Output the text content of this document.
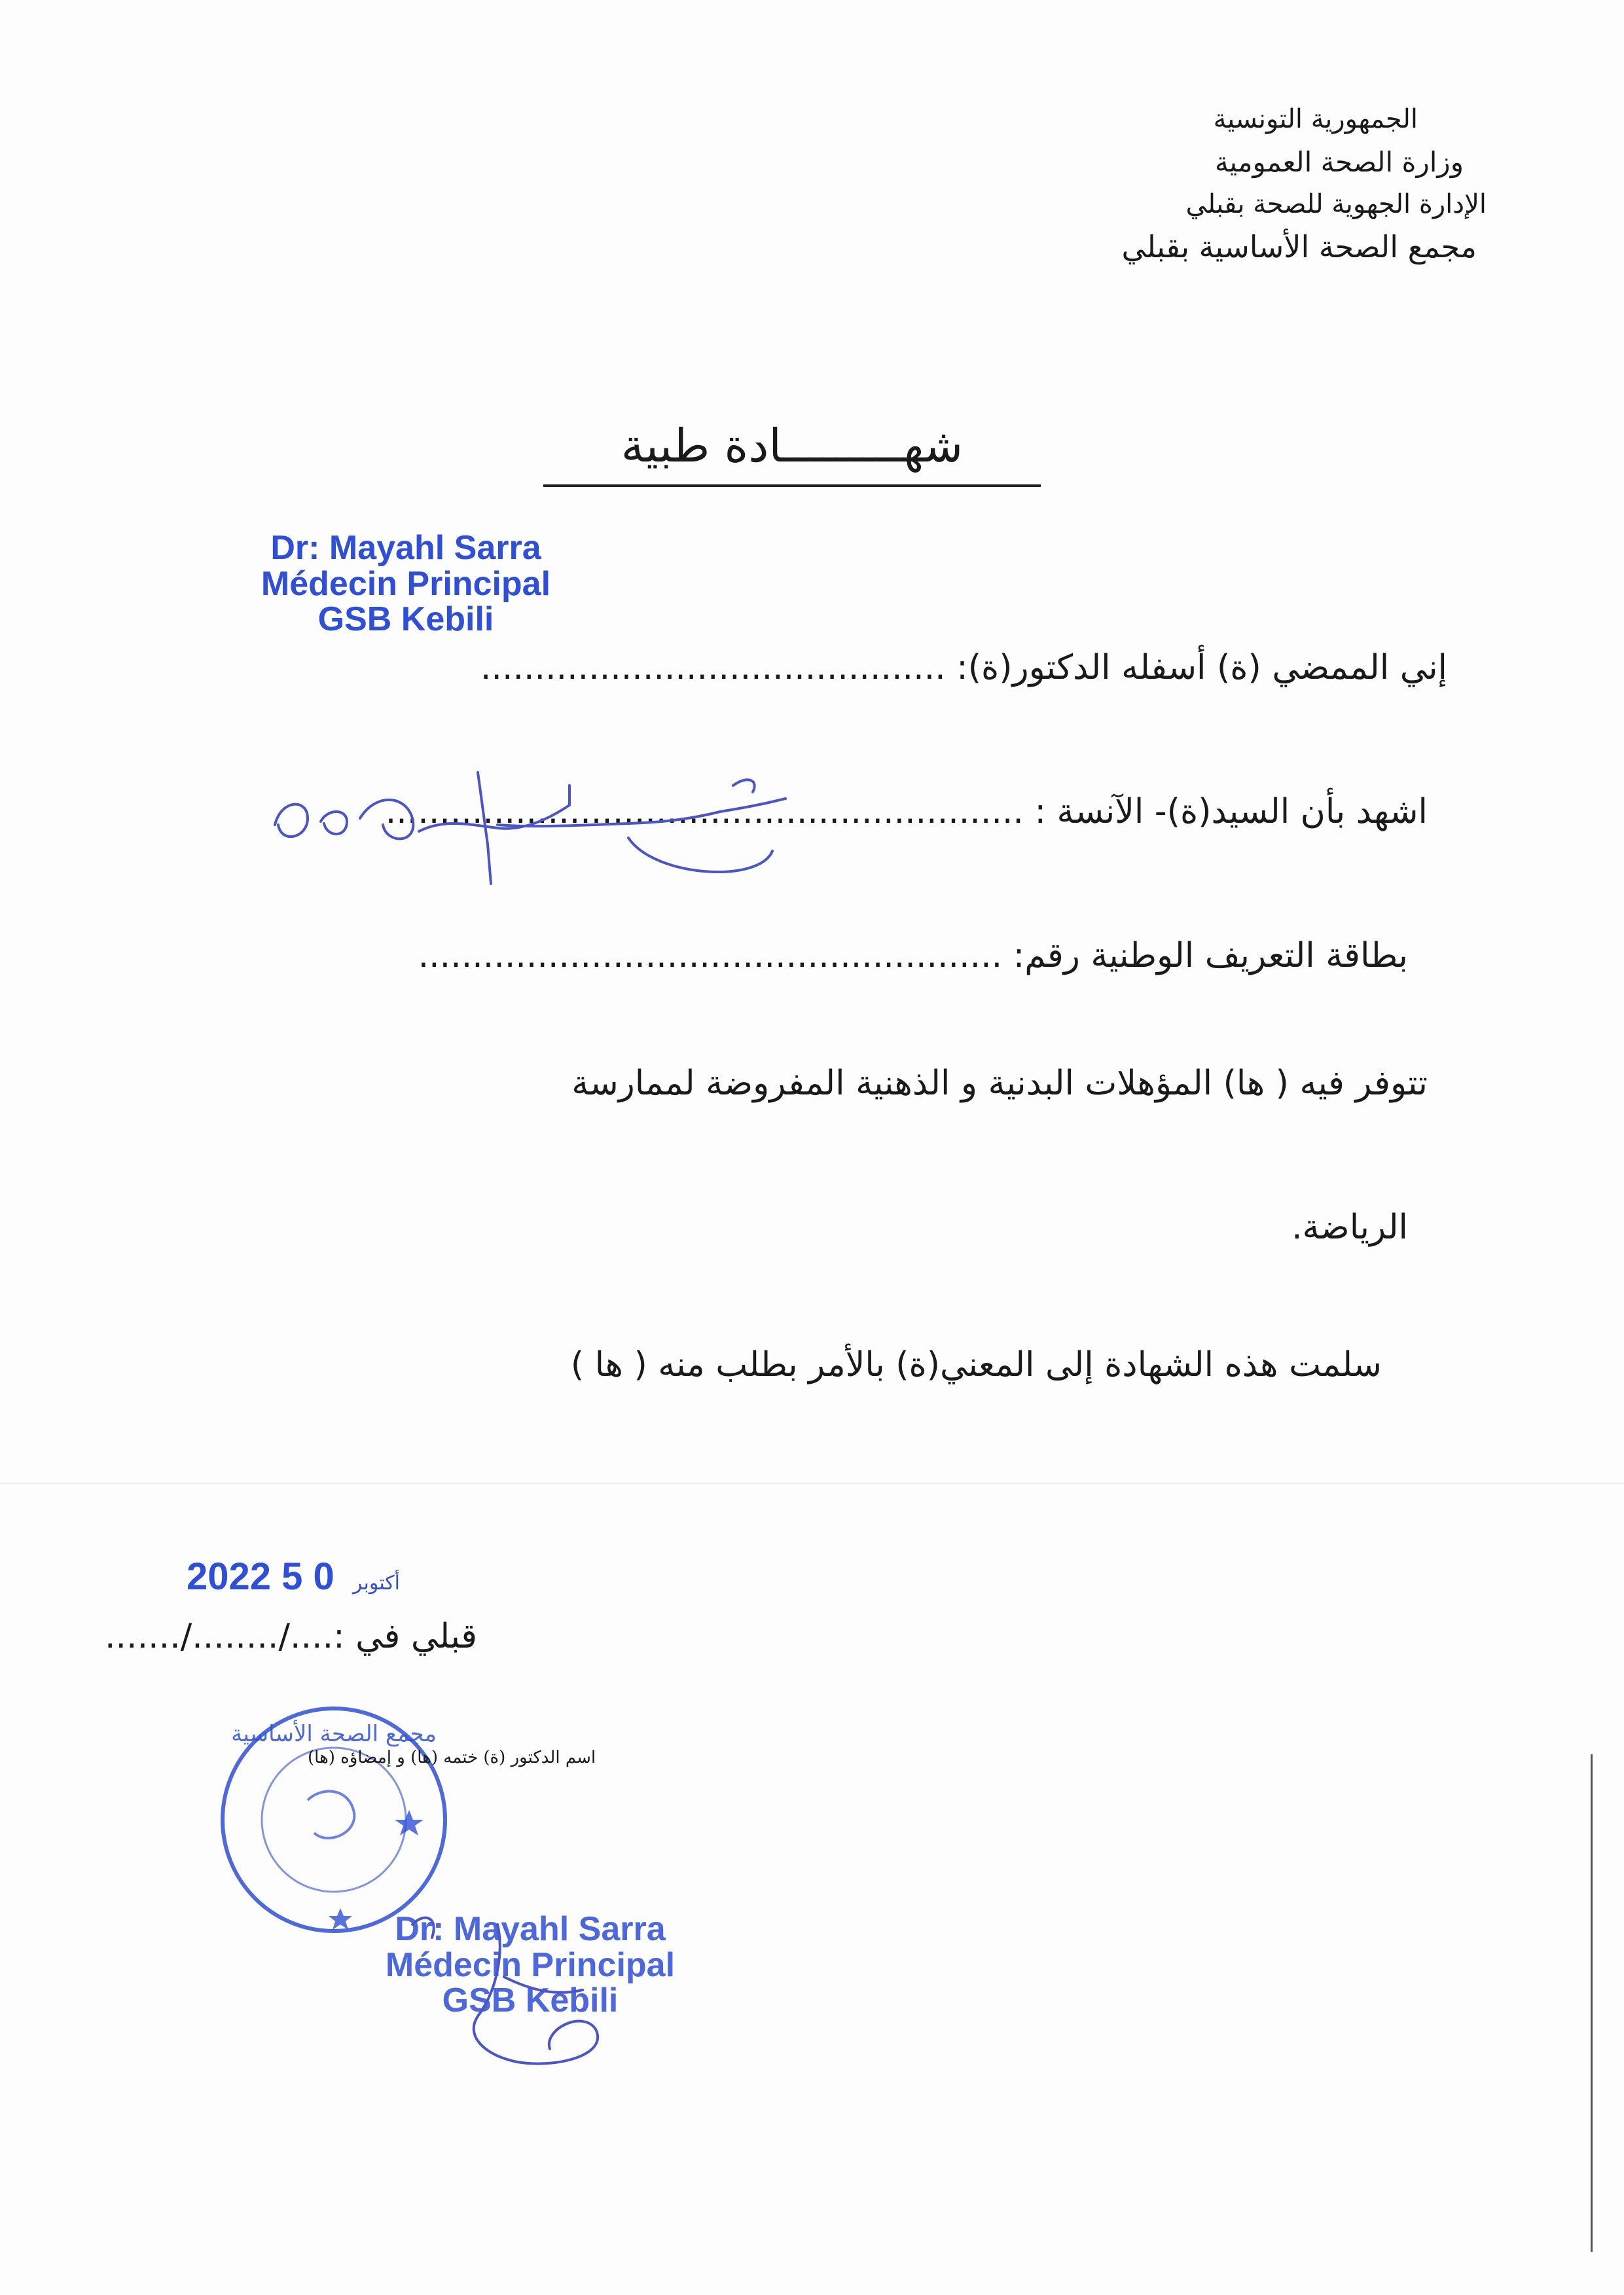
الجمهورية التونسية
وزارة الصحة العمومية
الإدارة الجهوية للصحة بقبلي
مجمع الصحة الأساسية بقبلي
شهـــــــــادة طبية
Dr: Mayahl Sarra
Médecin Principal
GSB Kebili
إني الممضي (ة) أسفله الدكتور(ة): ...........................................
اشهد بأن السيد(ة)- الآنسة : ...........................................................
بطاقة التعريف الوطنية رقم: ......................................................
تتوفر فيه ( ها) المؤهلات البدنية و الذهنية المفروضة لممارسة
الرياضة.
سلمت هذه الشهادة إلى المعني(ة) بالأمر بطلب منه ( ها )
2022	أكتوبر 0 5
قبلي في :..../......../.......
مجمع الصحة الأساسية
اسم الدكتور (ة) ختمه (ها) و إمضاؤه (ها)
Dr: Mayahl Sarra
Médecin Principal
GSB Kebili
